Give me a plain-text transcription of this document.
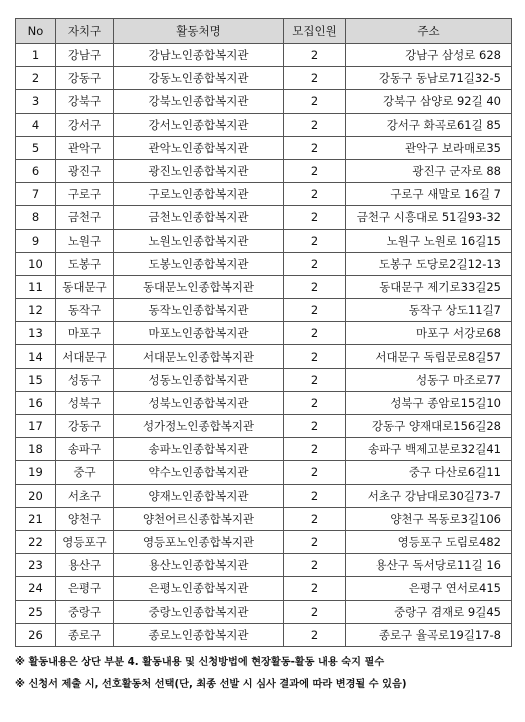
No	자치구	활동처명	모집인원	주소
1	강남구	강남노인종합복지관	2	강남구 삼성로 628
2	강동구	강동노인종합복지관	2	강동구 동남로71길32-5
3	강북구	강북노인종합복지관	2	강북구 삼양로 92길 40
4	강서구	강서노인종합복지관	2	강서구 화곡로61길 85
5	관악구	관악노인종합복지관	2	관악구 보라매로35
6	광진구	광진노인종합복지관	2	광진구 군자로 88
7	구로구	구로노인종합복지관	2	구로구 새말로 16길 7
8	금천구	금천노인종합복지관	2	금천구 시흥대로 51길93-32
9	노원구	노원노인종합복지관	2	노원구 노원로 16길15
10	도봉구	도봉노인종합복지관	2	도봉구 도당로2길12-13
11	동대문구	동대문노인종합복지관	2	동대문구 제기로33길25
12	동작구	동작노인종합복지관	2	동작구 상도11길7
13	마포구	마포노인종합복지관	2	마포구 서강로68
14	서대문구	서대문노인종합복지관	2	서대문구 독립문로8길57
15	성동구	성동노인종합복지관	2	성동구 마조로77
16	성북구	성북노인종합복지관	2	성북구 종암로15길10
17	강동구	성가정노인종합복지관	2	강동구 양재대로156길28
18	송파구	송파노인종합복지관	2	송파구 백제고분로32길41
19	중구	약수노인종합복지관	2	중구 다산로6길11
20	서초구	양재노인종합복지관	2	서초구 강남대로30길73-7
21	양천구	양천어르신종합복지관	2	양천구 목동로3길106
22	영등포구	영등포노인종합복지관	2	영등포구 도림로482
23	용산구	용산노인종합복지관	2	용산구 독서당로11길 16
24	은평구	은평노인종합복지관	2	은평구 연서로415
25	중랑구	중랑노인종합복지관	2	중랑구 겸재로 9길45
26	종로구	종로노인종합복지관	2	종로구 율곡로19길17-8
※ 활동내용은 상단 부분 4. 활동내용 및 신청방법에 현장활동-활동 내용 숙지 필수
※ 신청서 제출 시, 선호활동처 선택(단, 최종 선발 시 심사 결과에 따라 변경될 수 있음)
